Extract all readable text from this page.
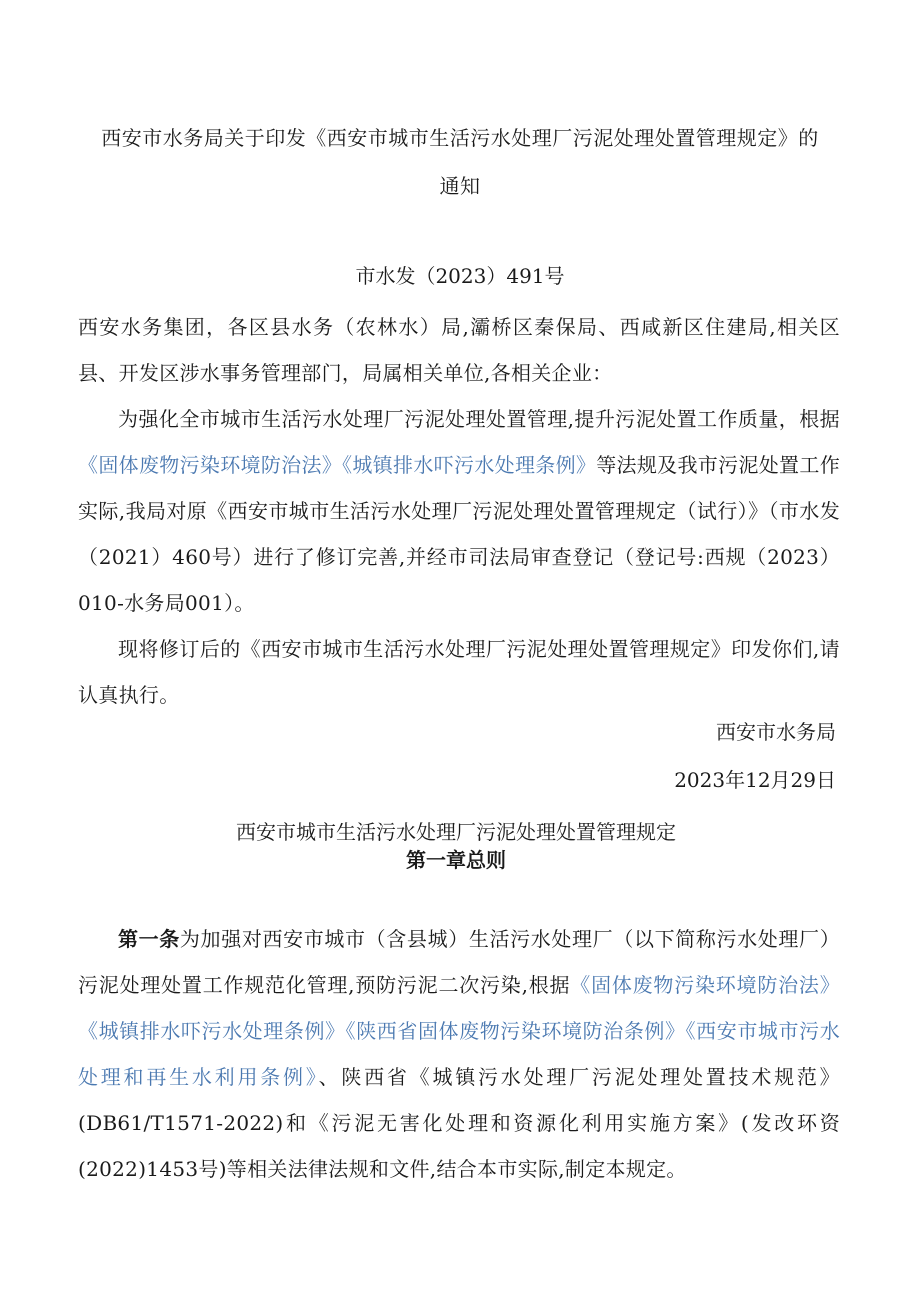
西安市水务局关于印发《西安市城市生活污水处理厂污泥处理处置管理规定》的
通知
市水发（2023）491号
西安水务集团，各区县水务（农林水）局,灞桥区秦保局、西咸新区住建局,相关区县、开发区涉水事务管理部门，局属相关单位,各相关企业：
为强化全市城市生活污水处理厂污泥处理处置管理,提升污泥处置工作质量，根据《固体废物污染环境防治法》《城镇排水吓污水处理条例》等法规及我市污泥处置工作实际,我局对原《西安市城市生活污水处理厂污泥处理处置管理规定（试行）》（市水发（2021）460号）进行了修订完善,并经市司法局审查登记（登记号:西规（2023）010-水务局001）。
现将修订后的《西安市城市生活污水处理厂污泥处理处置管理规定》印发你们,请认真执行。
西安市水务局
2023年12月29日
西安市城市生活污水处理厂污泥处理处置管理规定
第一章总则
第一条为加强对西安市城市（含县城）生活污水处理厂（以下简称污水处理厂）污泥处理处置工作规范化管理,预防污泥二次污染,根据《固体废物污染环境防治法》《城镇排水吓污水处理条例》《陕西省固体废物污染环境防治条例》《西安市城市污水处理和再生水利用条例》、陕西省《城镇污水处理厂污泥处理处置技术规范》(DB61/T1571-2022)和《污泥无害化处理和资源化利用实施方案》(发改环资(2022)1453号)等相关法律法规和文件,结合本市实际,制定本规定。
